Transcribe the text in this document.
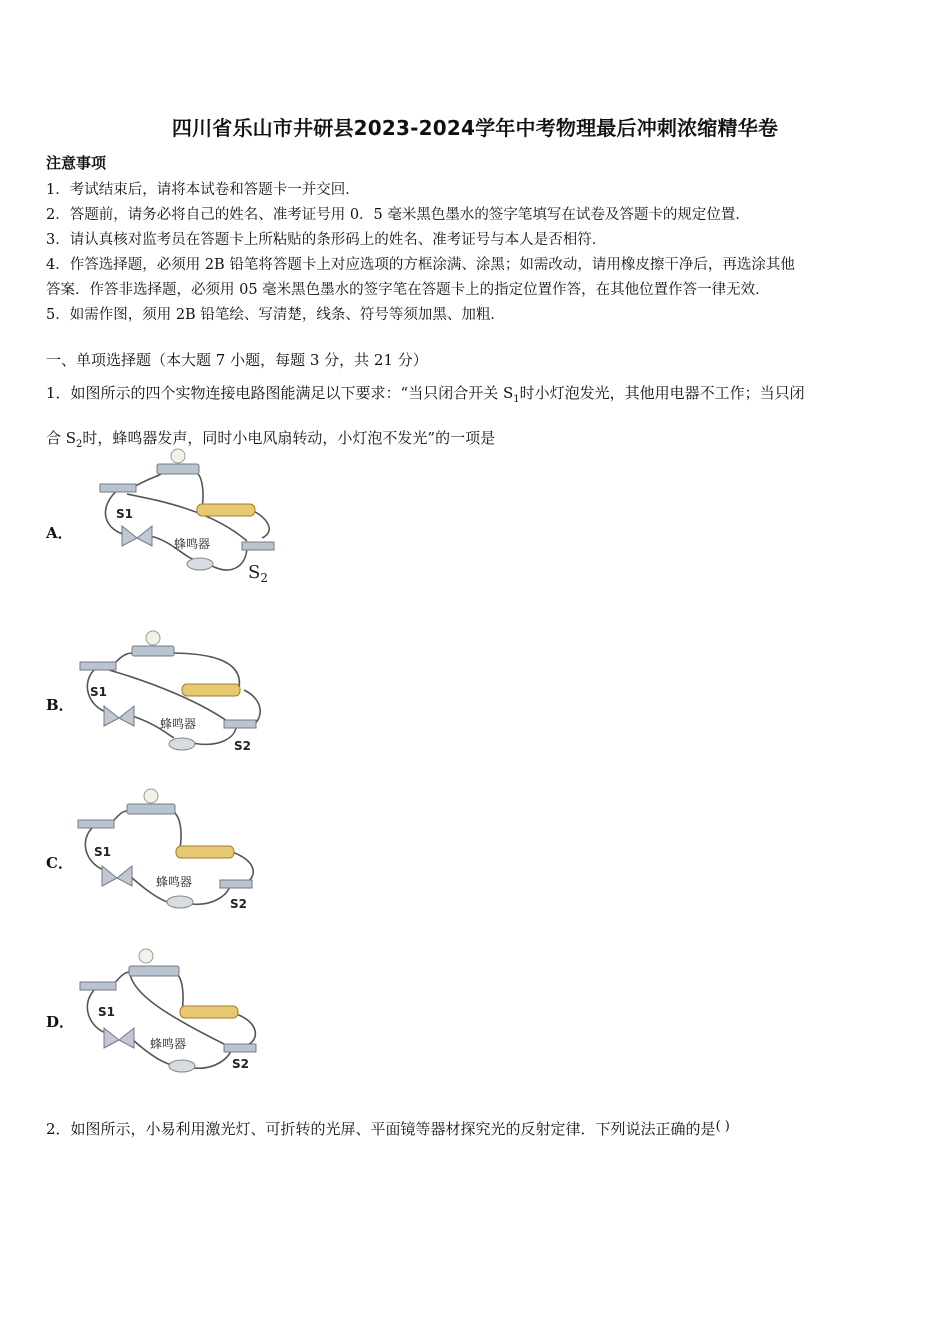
四川省乐山市井研县2023-2024学年中考物理最后冲刺浓缩精华卷
注意事项

1．考试结束后，请将本试卷和答题卡一并交回．

2．答题前，请务必将自己的姓名、准考证号用 0．5 毫米黑色墨水的签字笔填写在试卷及答题卡的规定位置．

3．请认真核对监考员在答题卡上所粘贴的条形码上的姓名、准考证号与本人是否相符．

4．作答选择题，必须用 2B 铅笔将答题卡上对应选项的方框涂满、涂黑；如需改动，请用橡皮擦干净后，再选涂其他

答案．作答非选择题，必须用 05 毫米黑色墨水的签字笔在答题卡上的指定位置作答，在其他位置作答一律无效．

5．如需作图，须用 2B 铅笔绘、写清楚，线条、符号等须加黑、加粗．

一、单项选择题（本大题 7 小题，每题 3 分，共 21 分）

1．如图所示的四个实物连接电路图能满足以下要求：“当只闭合开关 $S_1$时小灯泡发光，其他用电器不工作；当只闭

合 $S_2$时，蜂鸣器发声，同时小电风扇转动，小灯泡不发光”的一项是

A．
S1
蜂鸣器
$S_2$
B．
S1
蜂鸣器
S2
C．
S1
蜂鸣器
S2
D．
S1
蜂鸣器
S2
2．如图所示，小易利用激光灯、可折转的光屏、平面镜等器材探究光的反射定律．下列说法正确的是( )
